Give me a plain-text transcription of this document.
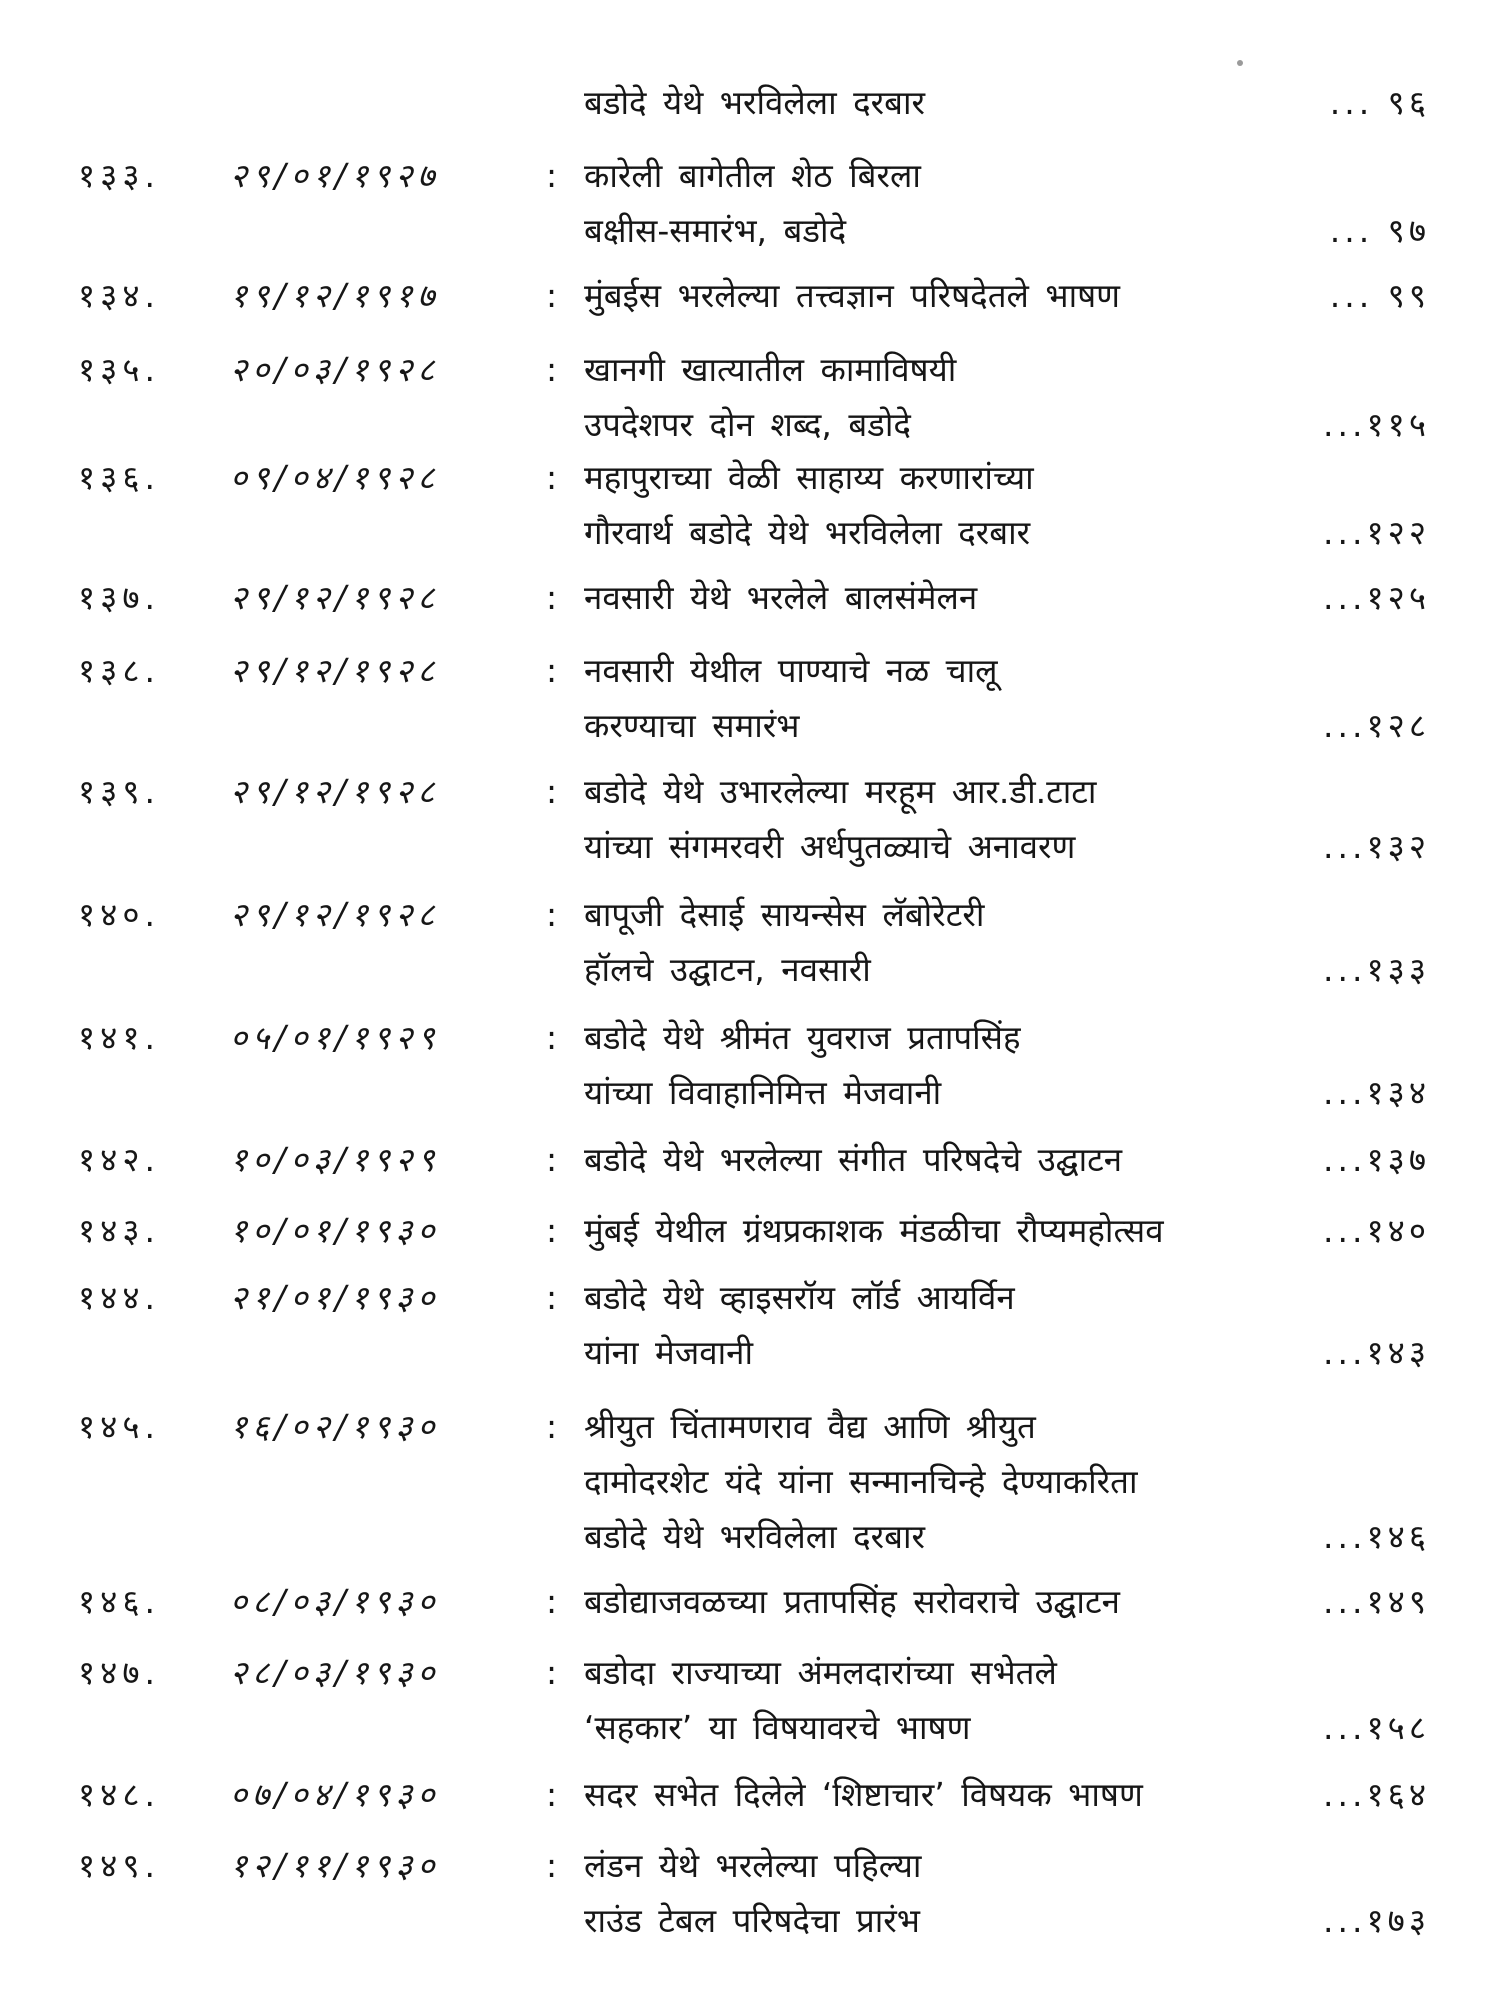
बडोदे येथे भरविलेला दरबार	... ९६
१३३. २९/०१/१९२७	: कारेली बागेतील शेठ बिरला
बक्षीस-समारंभ, बडोदे	... ९७
१३४. १९/१२/१९१७	: मुंबईस भरलेल्या तत्त्वज्ञान परिषदेतले भाषण	... ९९
१३५. २०/०३/१९२८	: खानगी खात्यातील कामाविषयी
उपदेशपर दोन शब्द, बडोदे	...११५
१३६. ०९/०४/१९२८	: महापुराच्या वेळी साहाय्य करणारांच्या
गौरवार्थ बडोदे येथे भरविलेला दरबार	...१२२
१३७. २९/१२/१९२८	: नवसारी येथे भरलेले बालसंमेलन	...१२५
१३८. २९/१२/१९२८	: नवसारी येथील पाण्याचे नळ चालू
करण्याचा समारंभ	...१२८
१३९. २९/१२/१९२८	: बडोदे येथे उभारलेल्या मरहूम आर.डी.टाटा
यांच्या संगमरवरी अर्धपुतळ्याचे अनावरण	...१३२
१४०. २९/१२/१९२८	: बापूजी देसाई सायन्सेस लॅबोरेटरी
हॉलचे उद्घाटन, नवसारी	...१३३
१४१. ०५/०१/१९२९	: बडोदे येथे श्रीमंत युवराज प्रतापसिंह
यांच्या विवाहानिमित्त मेजवानी	...१३४
१४२. १०/०३/१९२९	: बडोदे येथे भरलेल्या संगीत परिषदेचे उद्घाटन	...१३७
१४३. १०/०१/१९३०	: मुंबई येथील ग्रंथप्रकाशक मंडळीचा रौप्यमहोत्सव	...१४०
१४४. २१/०१/१९३०	: बडोदे येथे व्हाइसरॉय लॉर्ड आयर्विन
यांना मेजवानी	...१४३
१४५. १६/०२/१९३०	: श्रीयुत चिंतामणराव वैद्य आणि श्रीयुत
दामोदरशेट यंदे यांना सन्मानचिन्हे देण्याकरिता
बडोदे येथे भरविलेला दरबार	...१४६
१४६. ०८/०३/१९३०	: बडोद्याजवळच्या प्रतापसिंह सरोवराचे उद्घाटन	...१४९
१४७. २८/०३/१९३०	: बडोदा राज्याच्या अंमलदारांच्या सभेतले
‘सहकार’ या विषयावरचे भाषण	...१५८
१४८. ०७/०४/१९३०	: सदर सभेत दिलेले ‘शिष्टाचार’ विषयक भाषण	...१६४
१४९. १२/११/१९३०	: लंडन येथे भरलेल्या पहिल्या
राउंड टेबल परिषदेचा प्रारंभ	...१७३
